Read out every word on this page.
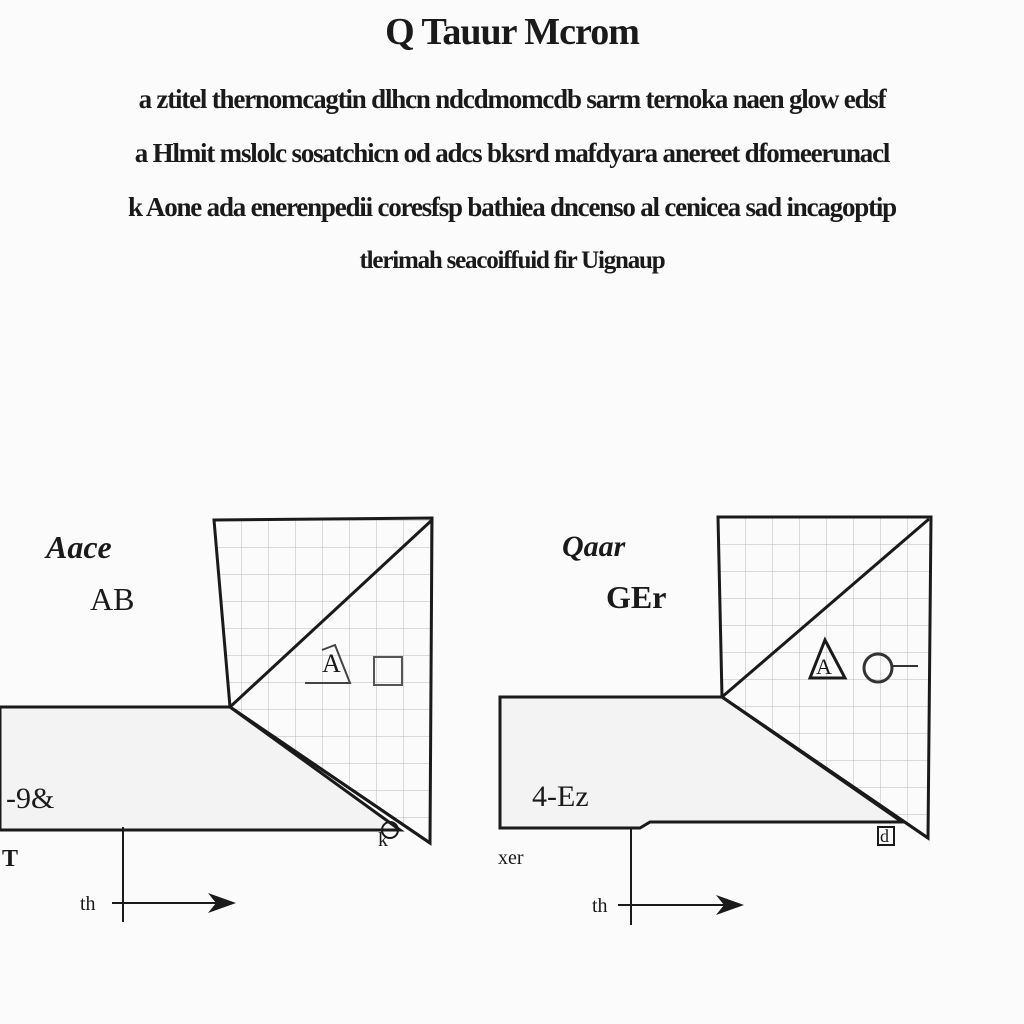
Q Tauur Mcrom
a ztitel thernomcagtin dlhcn ndcdmomcdb sarm ternoka naen glow edsf
a Hlmit mslolc sosatchicn od adcs bksrd mafdyara anereet dfomeerunacl
k Aone ada enerenpedii coresfsp bathiea dncenso al cenicea sad incagoptip
tlerimah seacoiffuid fir Uignaup
Aace
AB
-9&
T
th
A
k
Qaar
GEr
4-Ez
xer
th
A
d
